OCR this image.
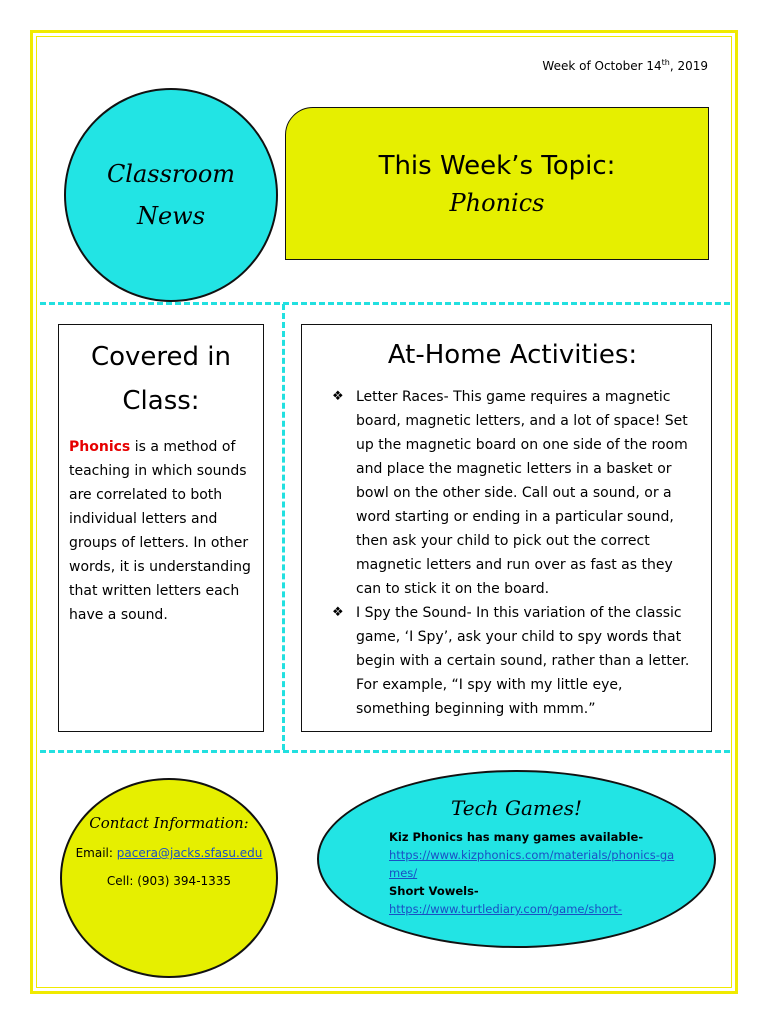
Week of October 14th, 2019
Classroom
News
This Week’s Topic:
Phonics
Covered in
Class:

Phonics is a method of teaching in which sounds are correlated to both individual letters and groups of letters. In other words, it is understanding that written letters each have a sound.

At-Home Activities:

❖ Letter Races- This game requires a magnetic board, magnetic letters, and a lot of space! Set up the magnetic board on one side of the room and place the magnetic letters in a basket or bowl on the other side. Call out a sound, or a word starting or ending in a particular sound, then ask your child to pick out the correct magnetic letters and run over as fast as they can to stick it on the board.

❖ I Spy the Sound- In this variation of the classic game, ‘I Spy’, ask your child to spy words that begin with a certain sound, rather than a letter. For example, “I spy with my little eye, something beginning with mmm.”

Contact Information:
Email: pacera@jacks.sfasu.edu
Cell: (903) 394-1335
Tech Games!
Kiz Phonics has many games available-
https://www.kizphonics.com/materials/phonics-games/
Short Vowels-
https://www.turtlediary.com/game/short-
